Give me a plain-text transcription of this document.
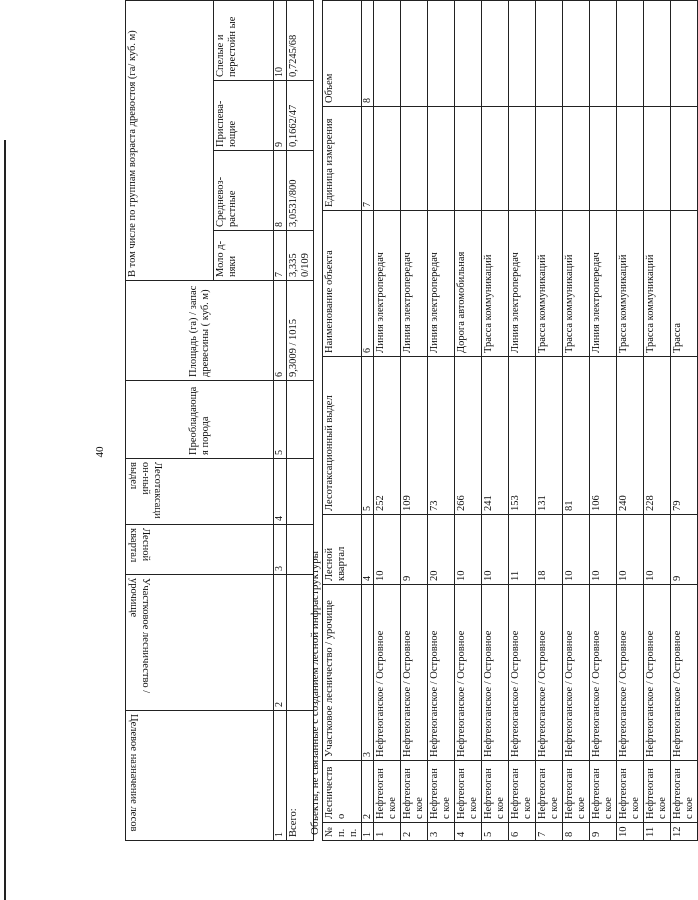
40
Целевое назначение лесов	Участковое лесничество / урочище	Лесной квартал	Лесотаксацион-ный выдел	Преобладающая порода	Площадь (га) / запас древесины ( куб. м)	В том числе по группам возраста древостоя (га/ куб. м)			
						Моло д- няки	Средневоз- растные	Приспева- ющие	Спелые и перестойн ые
1	2	3	4	5	6	7	8	9	10
Всего:					9,3009 / 1015	3,335 0/109	3,0531/800	0,1662/47	0,7245/68
Объекты, не связанные с созданием лесной инфраструктуры № п. п.	Лесничество	Участковое лесничество / урочище	Лесной квартал	Лесотаксационный выдел	Наименование объекта	Единица измерения	Объем
1	2	3	4	5	6	7	8
1	Нефтеюганс кое	Нефтеюганское / Островное	10	252	Линия электропередач		
2	Нефтеюганс кое	Нефтеюганское / Островное	9	109	Линия электропередач		
3	Нефтеюганс кое	Нефтеюганское / Островное	20	73	Линия электропередач		
4	Нефтеюганс кое	Нефтеюганское / Островное	10	266	Дорога автомобильная		
5	Нефтеюганс кое	Нефтеюганское / Островное	10	241	Трасса коммуникаций		
6	Нефтеюганс кое	Нефтеюганское / Островное	11	153	Линия электропередач		
7	Нефтеюганс кое	Нефтеюганское / Островное	18	131	Трасса коммуникаций		
8	Нефтеюганс кое	Нефтеюганское / Островное	10	81	Трасса коммуникаций		
9	Нефтеюганс кое	Нефтеюганское / Островное	10	106	Линия электропередач		
10	Нефтеюганс кое	Нефтеюганское / Островное	10	240	Трасса коммуникаций		
11	Нефтеюганс кое	Нефтеюганское / Островное	10	228	Трасса коммуникаций		
12	Нефтеюганс кое	Нефтеюганское / Островное	9	79	Трасса		
